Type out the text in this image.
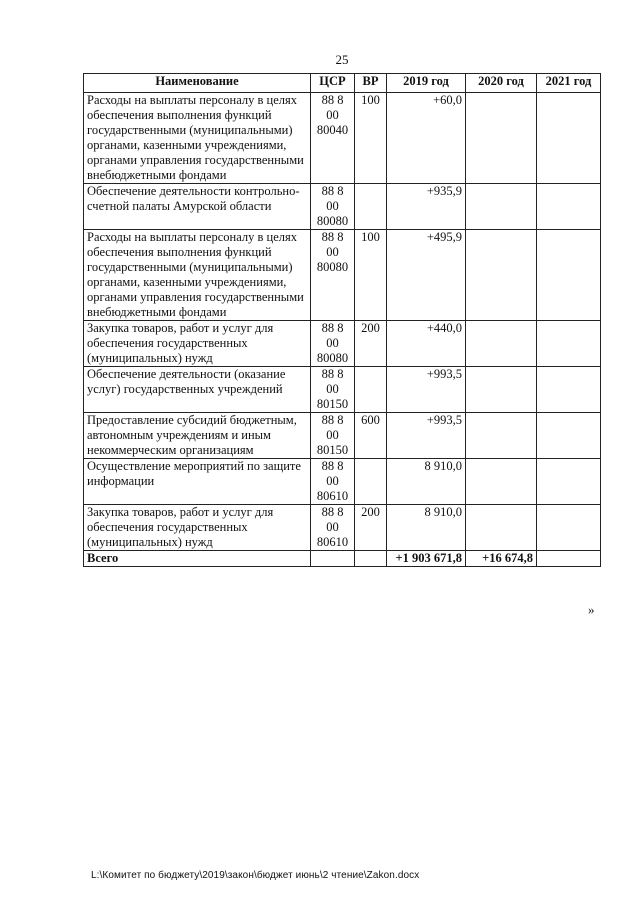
25
Наименование	ЦСР	ВР	2019 год	2020 год	2021 год
Расходы на выплаты персоналу в целях обеспечения выполнения функций государственными (муниципальными) органами, казенными учреждениями, органами управления государственными внебюджетными фондами	88 8 00 80040	100	+60,0		
Обеспечение деятельности контрольно-счетной палаты Амурской области	88 8 00 80080		+935,9		
Расходы на выплаты персоналу в целях обеспечения выполнения функций государственными (муниципальными) органами, казенными учреждениями, органами управления государственными внебюджетными фондами	88 8 00 80080	100	+495,9		
Закупка товаров, работ и услуг для обеспечения государственных (муниципальных) нужд	88 8 00 80080	200	+440,0		
Обеспечение деятельности (оказание услуг) государственных учреждений	88 8 00 80150		+993,5		
Предоставление субсидий бюджетным, автономным учреждениям и иным некоммерческим организациям	88 8 00 80150	600	+993,5		
Осуществление мероприятий по защите информации	88 8 00 80610		8 910,0		
Закупка товаров, работ и услуг для обеспечения государственных (муниципальных) нужд	88 8 00 80610	200	8 910,0		
Всего			+1 903 671,8	+16 674,8	
»
L:\Комитет по бюджету\2019\закон\бюджет июнь\2 чтение\Zakon.docx
